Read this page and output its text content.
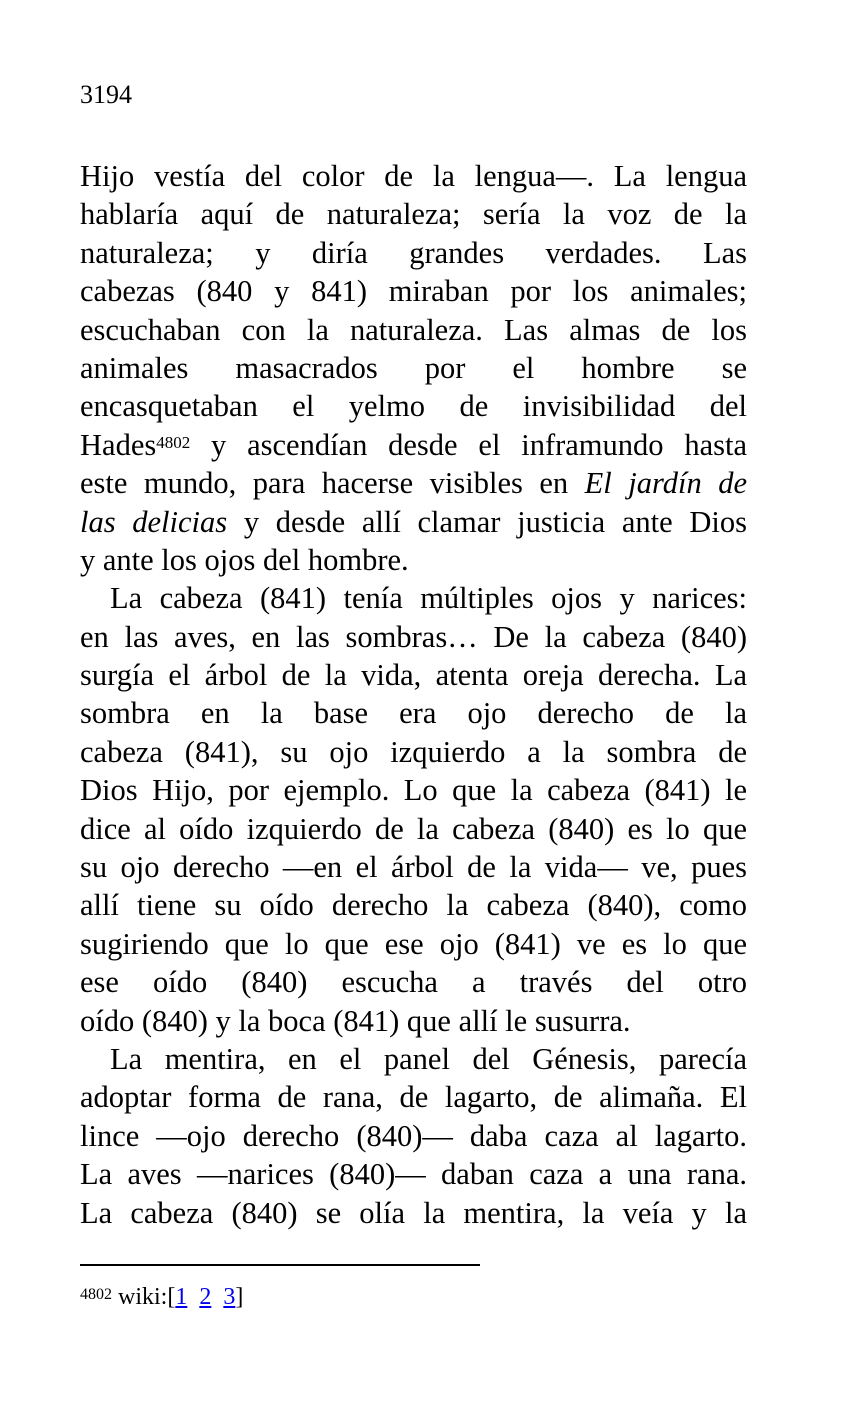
3194
Hijo vestía del color de la lengua—. La lengua
hablaría aquí de naturaleza; sería la voz de la
naturaleza; y diría grandes verdades. Las
cabezas (840 y 841) miraban por los animales;
escuchaban con la naturaleza. Las almas de los
animales masacrados por el hombre se
encasquetaban el yelmo de invisibilidad del
Hades$^{4802}$ y ascendían desde el inframundo hasta
este mundo, para hacerse visibles en El jardín de
las delicias y desde allí clamar justicia ante Dios
y ante los ojos del hombre.
La cabeza (841) tenía múltiples ojos y narices:
en las aves, en las sombras… De la cabeza (840)
surgía el árbol de la vida, atenta oreja derecha. La
sombra en la base era ojo derecho de la
cabeza (841), su ojo izquierdo a la sombra de
Dios Hijo, por ejemplo. Lo que la cabeza (841) le
dice al oído izquierdo de la cabeza (840) es lo que
su ojo derecho —en el árbol de la vida— ve, pues
allí tiene su oído derecho la cabeza (840), como
sugiriendo que lo que ese ojo (841) ve es lo que
ese oído (840) escucha a través del otro
oído (840) y la boca (841) que allí le susurra.
La mentira, en el panel del Génesis, parecía
adoptar forma de rana, de lagarto, de alimaña. El
lince —ojo derecho (840)— daba caza al lagarto.
La aves —narices (840)— daban caza a una rana.
La cabeza (840) se olía la mentira, la veía y la
$^{4802}$ wiki:[1 2 3]
